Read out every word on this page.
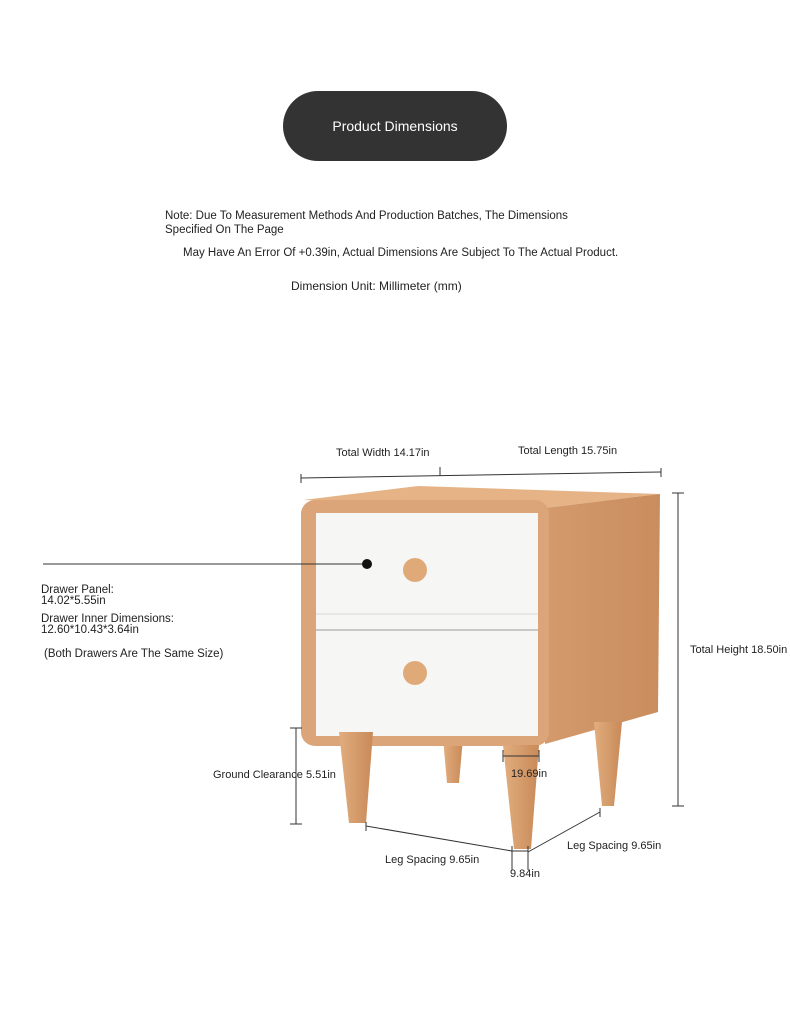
Product Dimensions
Note: Due To Measurement Methods And Production Batches, The Dimensions Specified On The Page
May Have An Error Of +0.39in, Actual Dimensions Are Subject To The Actual Product.
Dimension Unit: Millimeter (mm)
Total Width 14.17in	Total Length 15.75in
Total Height 18.50in
Ground Clearance 5.51in	19.69in
Leg Spacing 9.65in
Leg Spacing 9.65in
9.84in
Drawer Panel:
14.02*5.55in
Drawer Inner Dimensions:
12.60*10.43*3.64in
(Both Drawers Are The Same Size)
